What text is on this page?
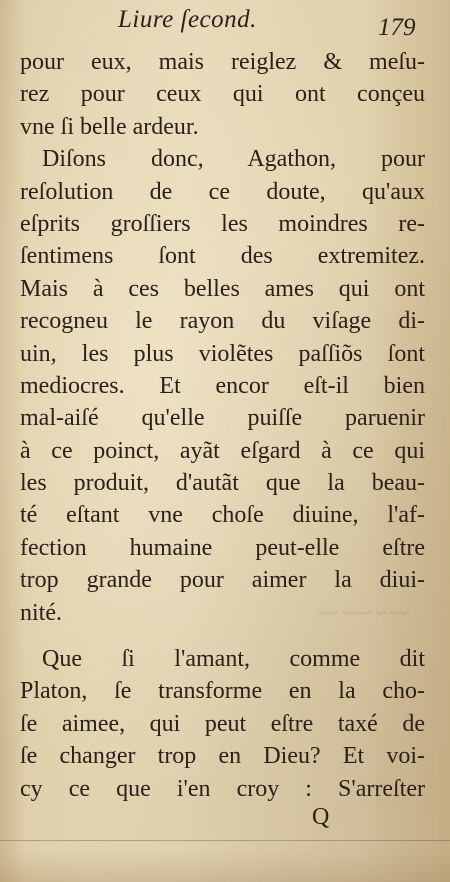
~~ ~ ~~~ ~~
Liure ſecond.	179
pour eux, mais reiglez & meſu-
rez pour ceux qui ont conçeu
vne ſi belle ardeur.
Diſons donc, Agathon, pour
reſolution de ce doute, qu'aux
eſprits groſſiers les moindres re-
ſentimens ſont des extremitez.
Mais à ces belles ames qui ont
recogneu le rayon du viſage di-
uin, les plus violẽtes paſſiõs ſont
mediocres. Et encor eſt-il bien
mal-aiſé qu'elle puiſſe paruenir
à ce poinct, ayãt eſgard à ce qui
les produit, d'autãt que la beau-
té eſtant vne choſe diuine, l'af-
fection humaine peut-elle eſtre
trop grande pour aimer la diui-
nité.
Que ſi l'amant, comme dit
Platon, ſe transforme en la cho-
ſe aimee, qui peut eſtre taxé de
ſe changer trop en Dieu? Et voi-
cy ce que i'en croy : S'arreſter
Q
